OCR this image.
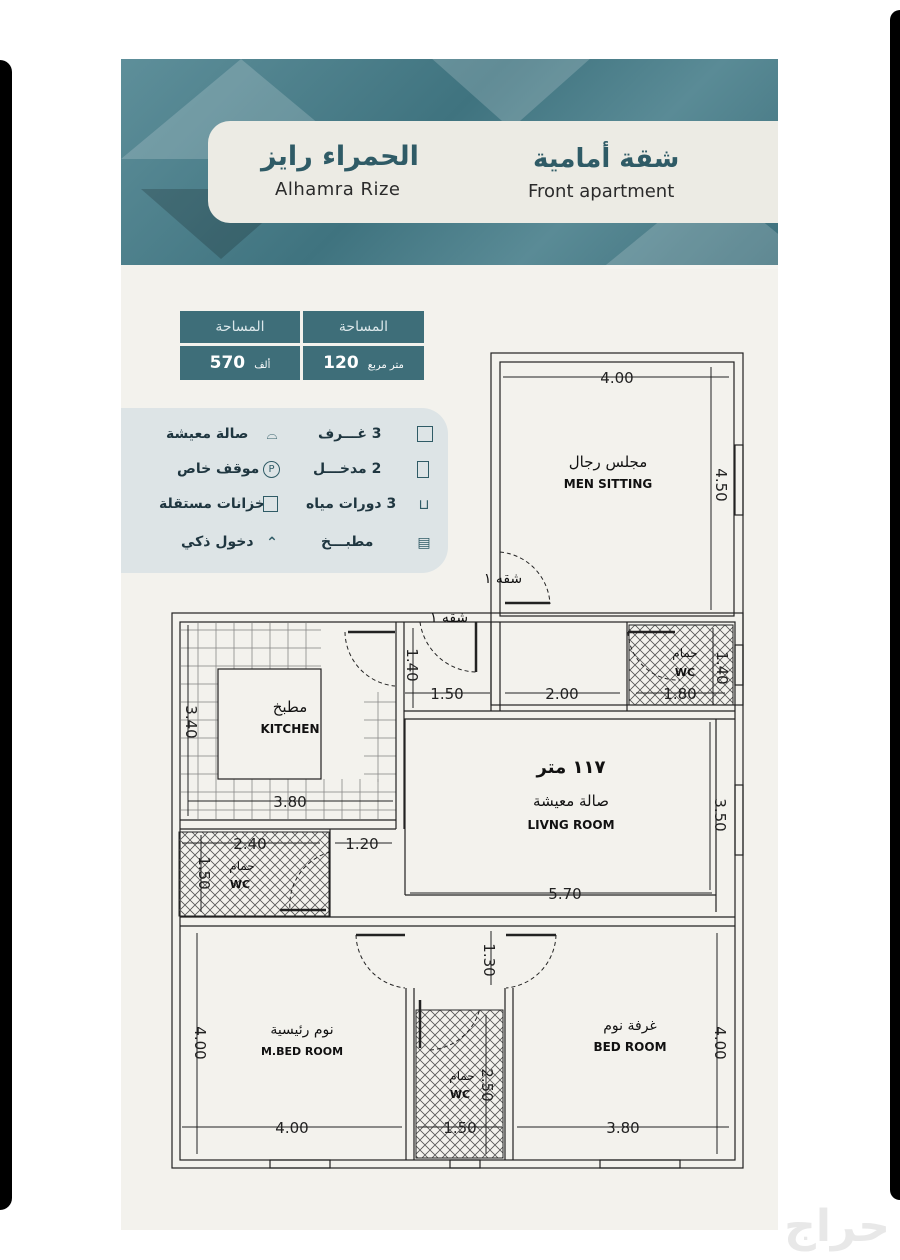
الحمراء رايز
Alhamra Rize
شقة أمامية
Front apartment
المساحة	المساحة
ألف 570	متر مربع 120
3 غـــرف
صالة معيشة ⌓
2 مدخـــل
موقف خاص P
3 دورات مياه ⊔
خزانات مستقلة
مطبـــخ	▤
دخول ذكي ⌃
مجلس رجال
MEN SITTING
مطبخ
KITCHEN
١١٧ متر
صالة معيشة
LIVNG ROOM
حمام
WC
حمام
WC
حمام
WC
نوم رئيسية
M.BED ROOM
غرفة نوم
BED ROOM
شقه ١
شقه ١
4.00
4.50
3.40
3.80
1.40
1.50	2.00
1.40
1.80
3.50
5.70
2.40
1.50
1.20
1.30
4.00
4.00
2.50
1.50	3.80
4.00
حراج
